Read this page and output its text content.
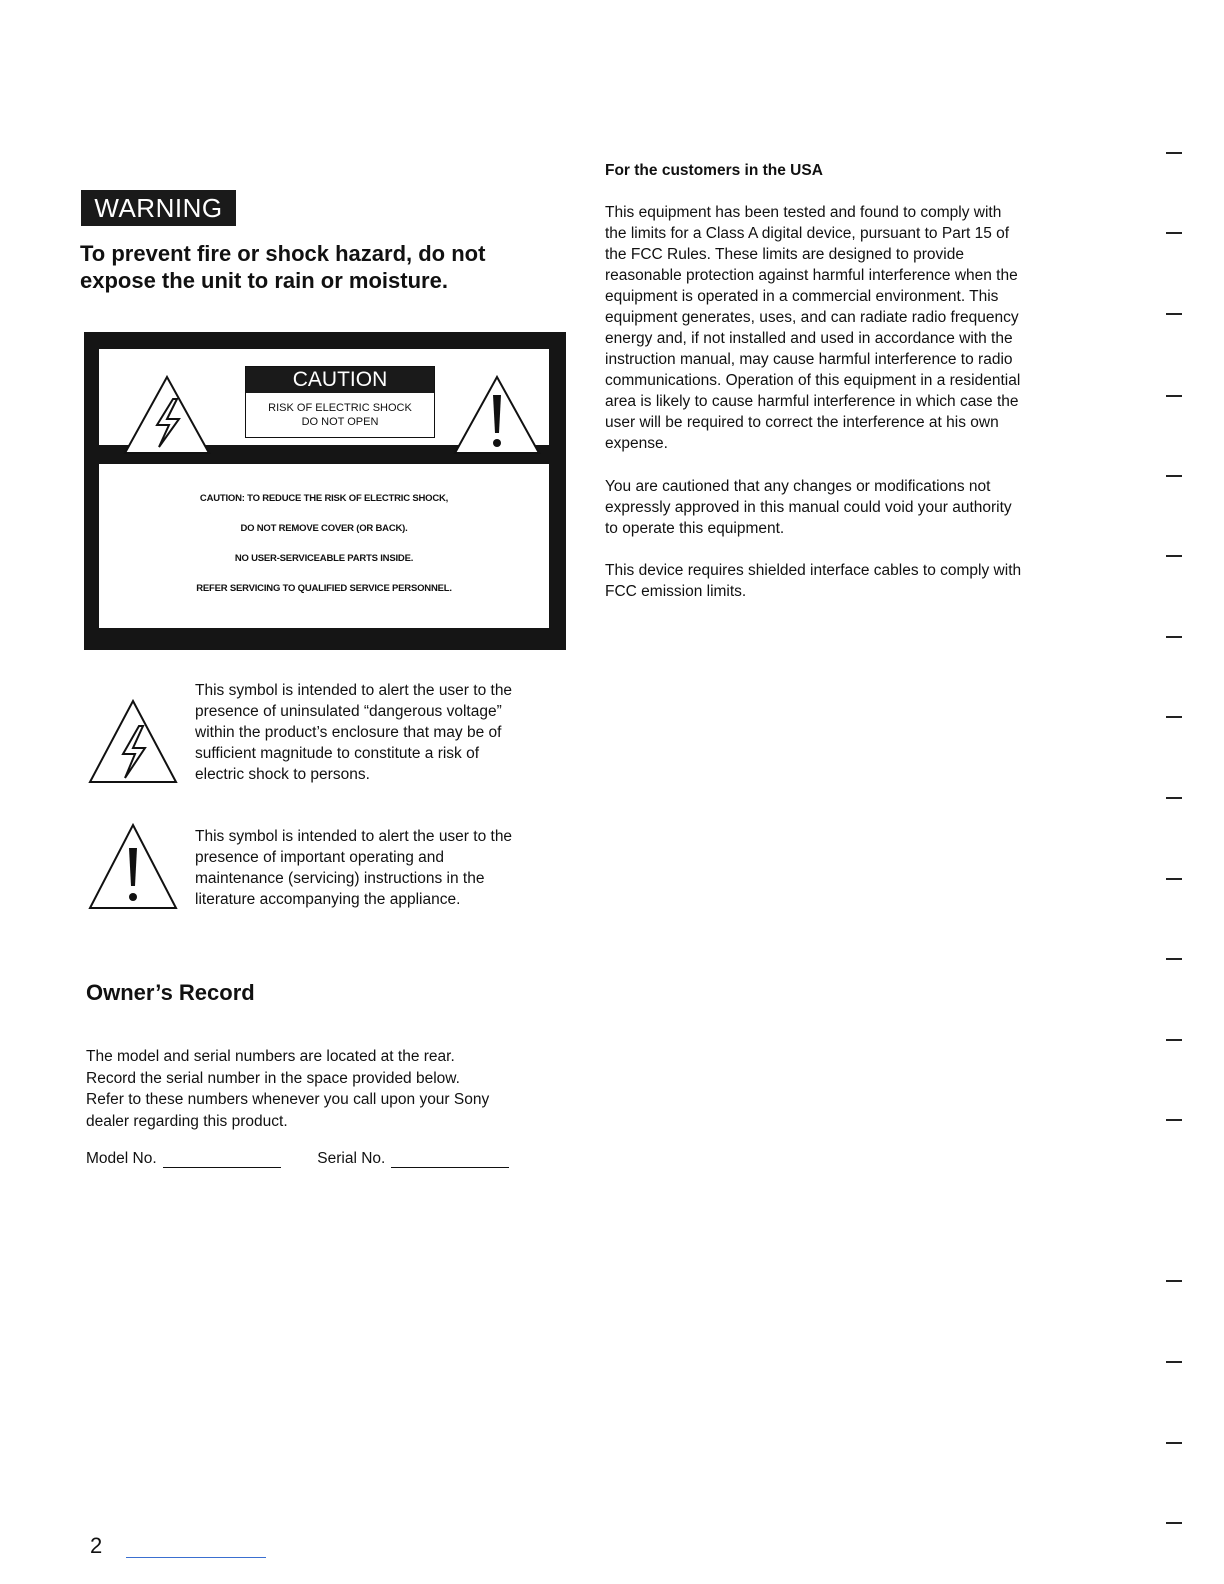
WARNING
To prevent fire or shock hazard, do not
expose the unit to rain or moisture.
CAUTION
RISK OF ELECTRIC SHOCK
DO NOT OPEN
CAUTION: TO REDUCE THE RISK OF ELECTRIC SHOCK,
DO NOT REMOVE COVER (OR BACK).
NO USER-SERVICEABLE PARTS INSIDE.
REFER SERVICING TO QUALIFIED SERVICE PERSONNEL.
This symbol is intended to alert the user to the
presence of uninsulated “dangerous voltage”
within the product’s enclosure that may be of
sufficient magnitude to constitute a risk of
electric shock to persons.
This symbol is intended to alert the user to the
presence of important operating and
maintenance (servicing) instructions in the
literature accompanying the appliance.
Owner’s Record
The model and serial numbers are located at the rear.
Record the serial number in the space provided below.
Refer to these numbers whenever you call upon your Sony
dealer regarding this product.
Model No.	Serial No.
For the customers in the USA
This equipment has been tested and found to comply with
the limits for a Class A digital device, pursuant to Part 15 of
the FCC Rules. These limits are designed to provide
reasonable protection against harmful interference when the
equipment is operated in a commercial environment. This
equipment generates, uses, and can radiate radio frequency
energy and, if not installed and used in accordance with the
instruction manual, may cause harmful interference to radio
communications. Operation of this equipment in a residential
area is likely to cause harmful interference in which case the
user will be required to correct the interference at his own
expense.
You are cautioned that any changes or modifications not
expressly approved in this manual could void your authority
to operate this equipment.
This device requires shielded interface cables to comply with
FCC emission limits.
2
